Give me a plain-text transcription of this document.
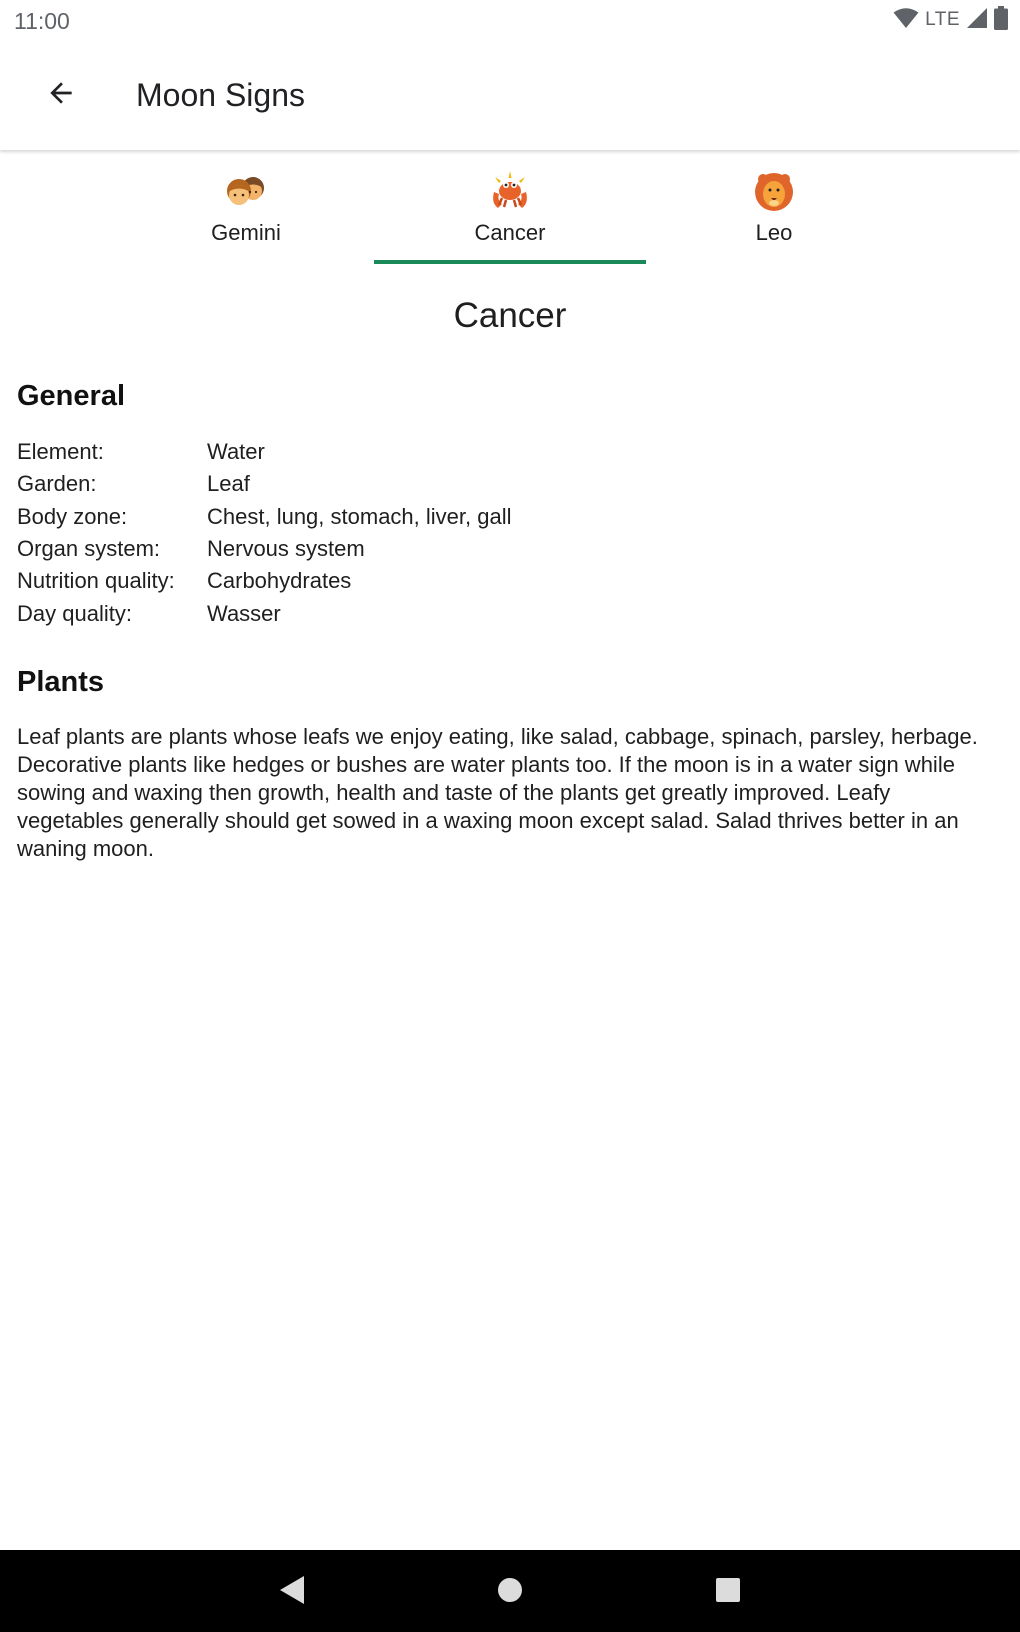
11:00	LTE
Moon Signs
Gemini	Cancer	Leo
Cancer
General
Element:	Water
Garden:	Leaf
Body zone:	Chest, lung, stomach, liver, gall
Organ system:	Nervous system
Nutrition quality:	Carbohydrates
Day quality:	Wasser
Plants

Leaf plants are plants whose leafs we enjoy eating, like salad, cabbage, spinach, parsley, herbage. Decorative plants like hedges or bushes are water plants too. If the moon is in a water sign while sowing and waxing then growth, health and taste of the plants get greatly improved. Leafy vegetables generally should get sowed in a waxing moon except salad. Salad thrives better in an waning moon.
